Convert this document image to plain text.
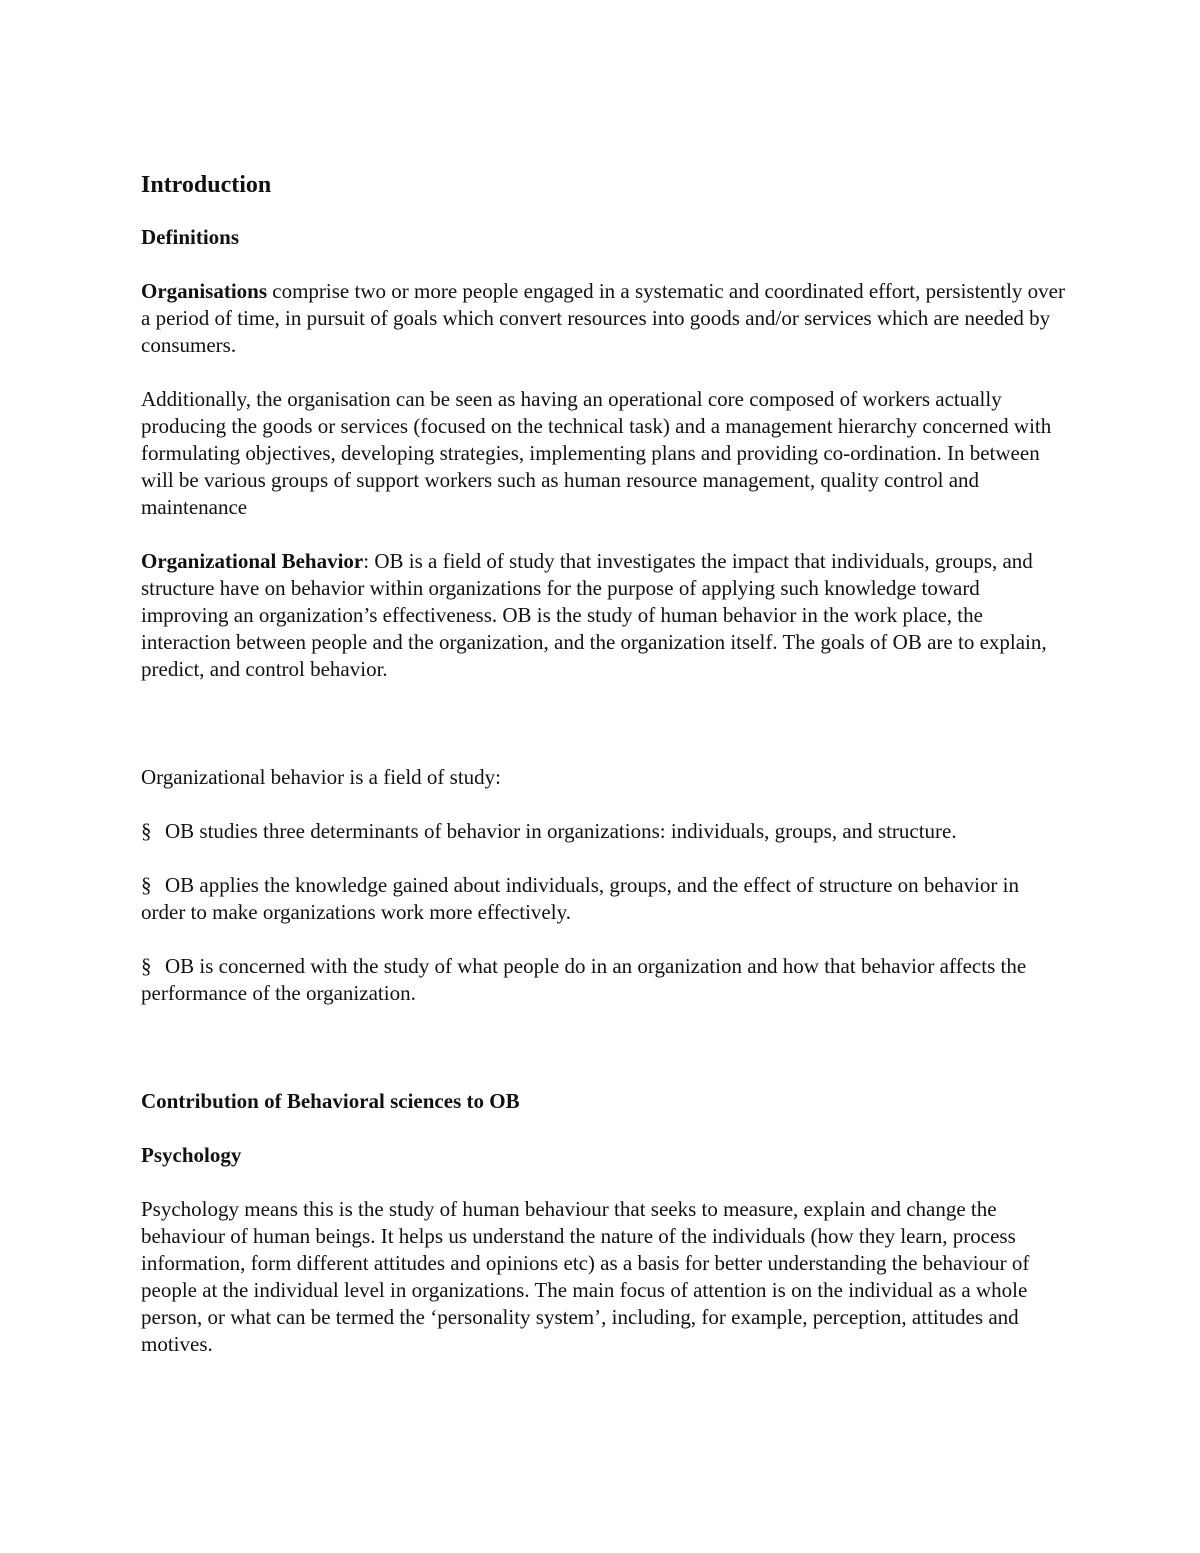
Introduction
Definitions

Organisations comprise two or more people engaged in a systematic and coordinated effort, persistently over a period of time, in pursuit of goals which convert resources into goods and/or services which are needed by consumers.

Additionally, the organisation can be seen as having an operational core composed of workers actually producing the goods or services (focused on the technical task) and a management hierarchy concerned with formulating objectives, developing strategies, implementing plans and providing co-ordination. In between will be various groups of support workers such as human resource management, quality control and maintenance

Organizational Behavior: OB is a field of study that investigates the impact that individuals, groups, and structure have on behavior within organizations for the purpose of applying such knowledge toward improving an organization’s effectiveness. OB is the study of human behavior in the work place, the interaction between people and the organization, and the organization itself. The goals of OB are to explain, predict, and control behavior.

Organizational behavior is a field of study:

§ OB studies three determinants of behavior in organizations: individuals, groups, and structure.

§ OB applies the knowledge gained about individuals, groups, and the effect of structure on behavior in order to make organizations work more effectively.

§ OB is concerned with the study of what people do in an organization and how that behavior affects the performance of the organization.

Contribution of Behavioral sciences to OB
Psychology

Psychology means this is the study of human behaviour that seeks to measure, explain and change the behaviour of human beings. It helps us understand the nature of the individuals (how they learn, process information, form different attitudes and opinions etc) as a basis for better understanding the behaviour of people at the individual level in organizations. The main focus of attention is on the individual as a whole person, or what can be termed the ‘personality system’, including, for example, perception, attitudes and motives.
